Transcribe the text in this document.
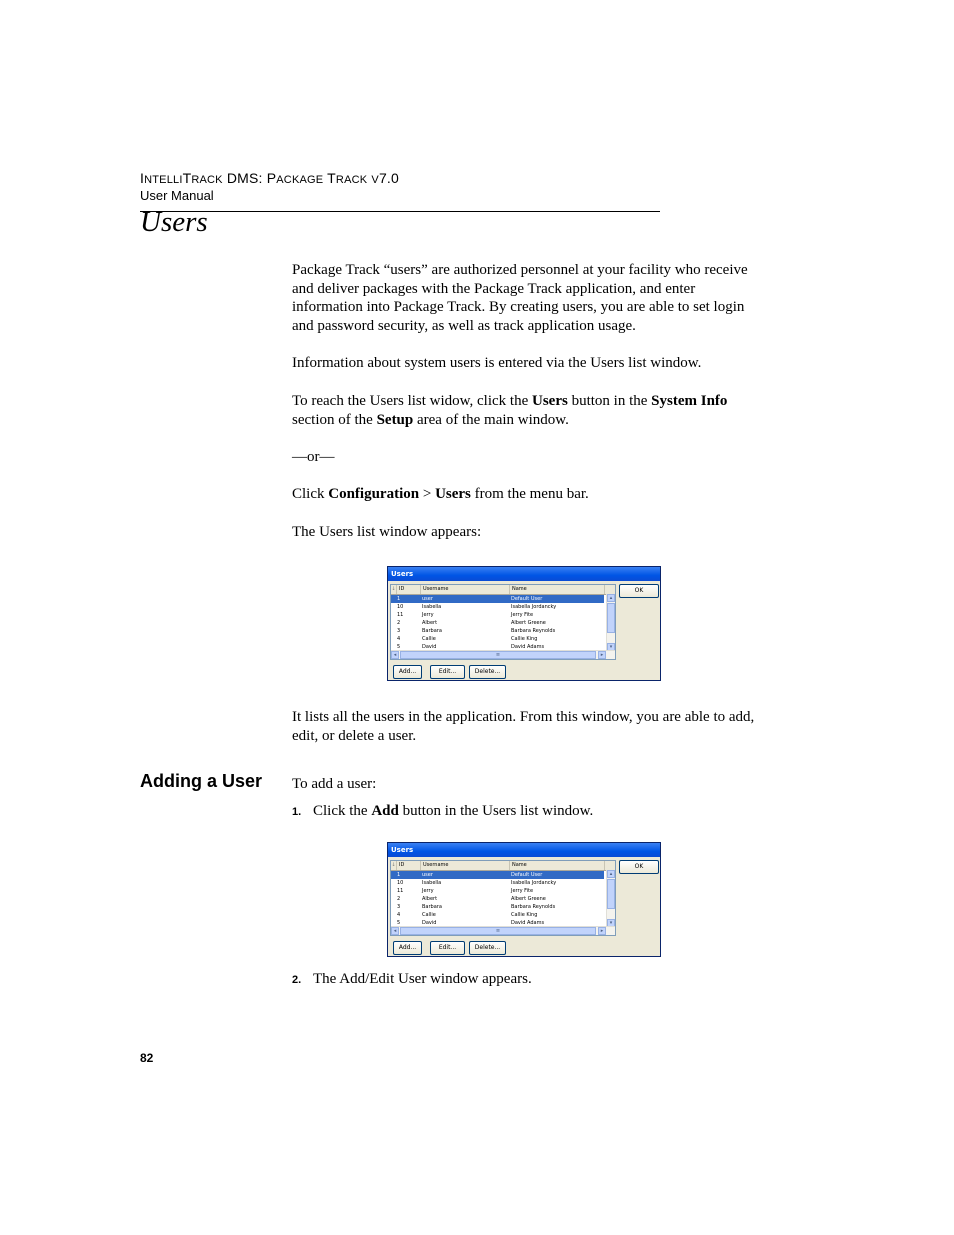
INTELLITRACK DMS: PACKAGE TRACK V7.0
User Manual
Users
Package Track “users” are authorized personnel at your facility who receive and deliver packages with the Package Track application, and enter information into Package Track. By creating users, you are able to set login and password security, as well as track application usage.
Information about system users is entered via the Users list window.
To reach the Users list widow, click the Users button in the System Info section of the Setup area of the main window.
—or—
Click Configuration > Users from the menu bar.
The Users list window appears:
Users
↓ ID	Username	Name
1	user	Default User
10	Isabella	Isabella Jordancky
11	Jerry	Jerry Fite
2	Albert	Albert Greene
3	Barbara	Barbara Reynolds
4	Callie	Callie King
5	David	David Adams
▴
▾
◂	≡	▸
OK
Add...	Edit...	Delete...
It lists all the users in the application. From this window, you are able to add, edit, or delete a user.
Adding a User To add a user:
1. Click the Add button in the Users list window.
Users
↓ ID	Username	Name
1	user	Default User
10	Isabella	Isabella Jordancky
11	Jerry	Jerry Fite
2	Albert	Albert Greene
3	Barbara	Barbara Reynolds
4	Callie	Callie King
5	David	David Adams
▴
▾
◂	≡	▸
OK
Add...	Edit...	Delete...
2. The Add/Edit User window appears.
82
